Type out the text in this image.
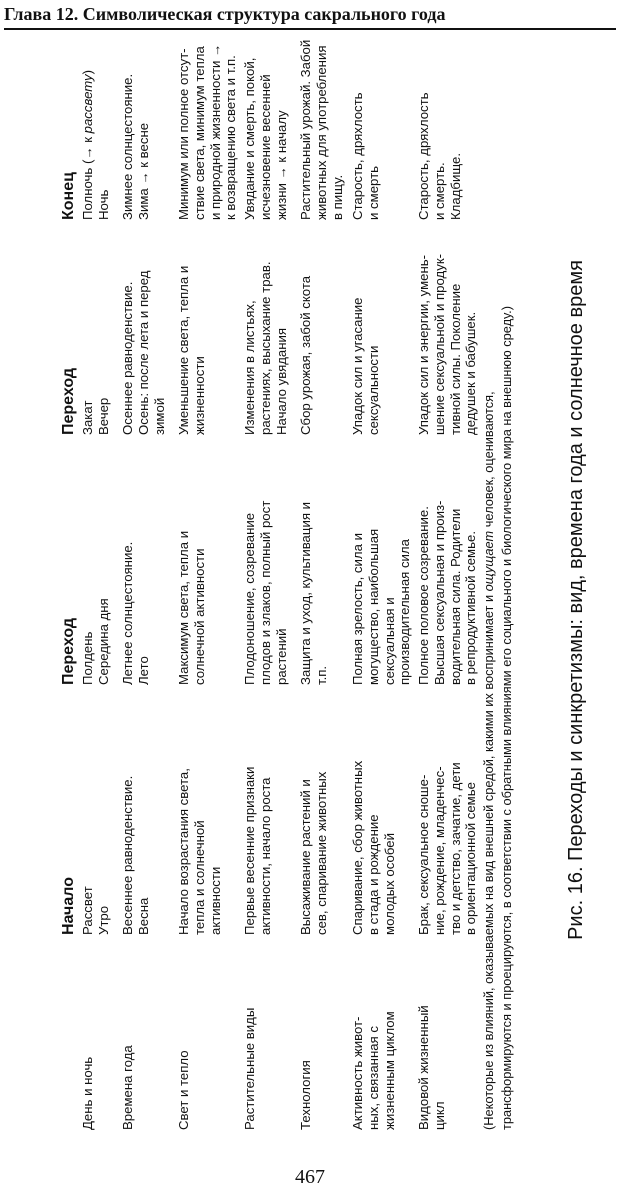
Глава 12. Символическая структура сакрального года
Начало
Переход
Переход
Конец
День и ночь
Рассвет Утро
Полдень Середина дня
Закат Вечер
Полночь (→ к рассвету)
Ночь
Времена года
Весеннее равноденствие. Весна
Летнее солнцестояние. Лето
Осеннее равноденствие. Осень: после лета и перед зимой
Зимнее солнцестояние. Зима → к весне
Свет и тепло
Начало возрастания света, тепла и солнечной активности
Максимум света, тепла и солнечной активности
Уменьшение света, тепла и жизненности
Минимум или полное отсут- ствие света, минимум тепла и природной жизненности → к возвращению света и т.п.
Растительные виды
Первые весенние признаки активности, начало роста
Плодоношение, созревание плодов и злаков, полный рост растений
Изменения в листьях, растениях, высыхание трав. Начало увядания
Увядание и смерть, покой, исчезновение весенней жизни → к началу
Технология
Высаживание растений и сев, спаривание животных
Защита и уход, культивация и т.п.
Сбор урожая, забой скота
Растительный урожай. Забой животных для употребления в пищу.
Активность живот- ных, связанная с жизненным циклом
Спаривание, сбор животных в стада и рождение молодых особей
Полная зрелость, сила и могущество, наибольшая сексуальная и производительная сила
Упадок сил и угасание сексуальности
Старость, дряхлость и смерть
Видовой жизненный цикл
Брак, сексуальное сноше- ние, рождение, младенчес- тво и детство, зачатие, дети в ориентационной семье
Полное половое созревание. Высшая сексуальная и произ- водительная сила. Родители в репродуктивной семье.
Упадок сил и энергии, умень- шение сексуальной и продук- тивной силы. Поколение дедушек и бабушек.
Старость, дряхлость и смерть. Кладбище.
(Некоторые из влияний, оказываемых на вид внешней средой, какими их воспринимает и ощущает человек, оцениваются, трансформируются и проецируются, в соответствии с обратными влияниями его социального и биологического мира на внешнюю среду.)	Рис. 16. Переходы и синкретизмы: вид, времена года и солнечное время
467
